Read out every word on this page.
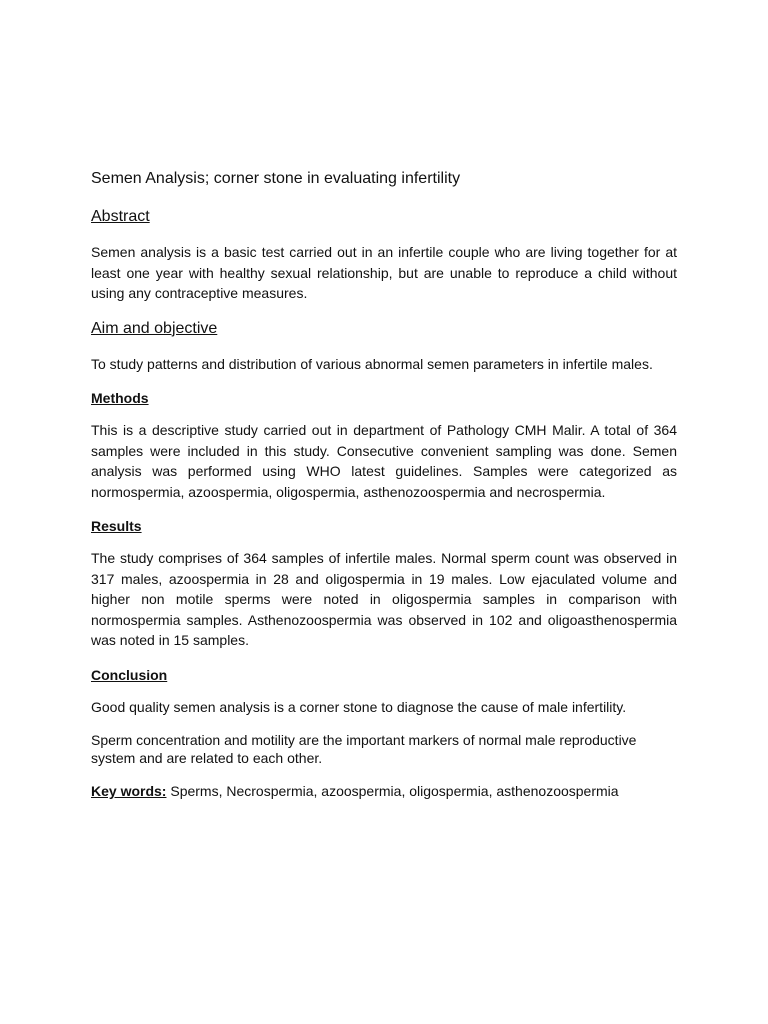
Semen Analysis; corner stone in evaluating infertility
Abstract

Semen analysis is a basic test carried out in an infertile couple who are living together for at least one year with healthy sexual relationship, but are unable to reproduce a child without using any contraceptive measures.

Aim and objective

To study patterns and distribution of various abnormal semen parameters in infertile males.

Methods

This is a descriptive study carried out in department of Pathology CMH Malir. A total of 364 samples were included in this study. Consecutive convenient sampling was done. Semen analysis was performed using WHO latest guidelines. Samples were categorized as normospermia, azoospermia, oligospermia, asthenozoospermia and necrospermia.

Results

The study comprises of 364 samples of infertile males. Normal sperm count was observed in 317 males, azoospermia in 28 and oligospermia in 19 males. Low ejaculated volume and higher non motile sperms were noted in oligospermia samples in comparison with normospermia samples. Asthenozoospermia was observed in 102 and oligoasthenospermia was noted in 15 samples.

Conclusion

Good quality semen analysis is a corner stone to diagnose the cause of male infertility.

Sperm concentration and motility are the important markers of normal male reproductive system and are related to each other.

Key words: Sperms, Necrospermia, azoospermia, oligospermia, asthenozoospermia
